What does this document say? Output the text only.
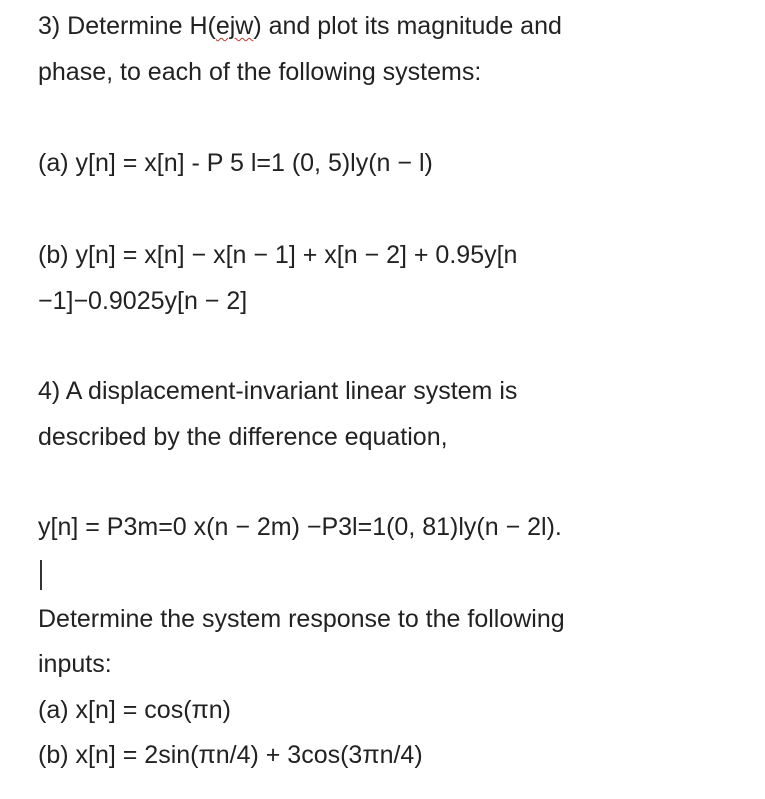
3) Determine H(ejw) and plot its magnitude and
phase, to each of the following systems:
(a) y[n] = x[n] - P 5 l=1 (0, 5)ly(n − l)
(b) y[n] = x[n] − x[n − 1] + x[n − 2] + 0.95y[n
−1]−0.9025y[n − 2]
4) A displacement-invariant linear system is
described by the difference equation,
y[n] = P3m=0 x(n − 2m) −P3l=1(0, 81)ly(n − 2l).
Determine the system response to the following
inputs:
(a) x[n] = cos(πn)
(b) x[n] = 2sin(πn/4) + 3cos(3πn/4)
